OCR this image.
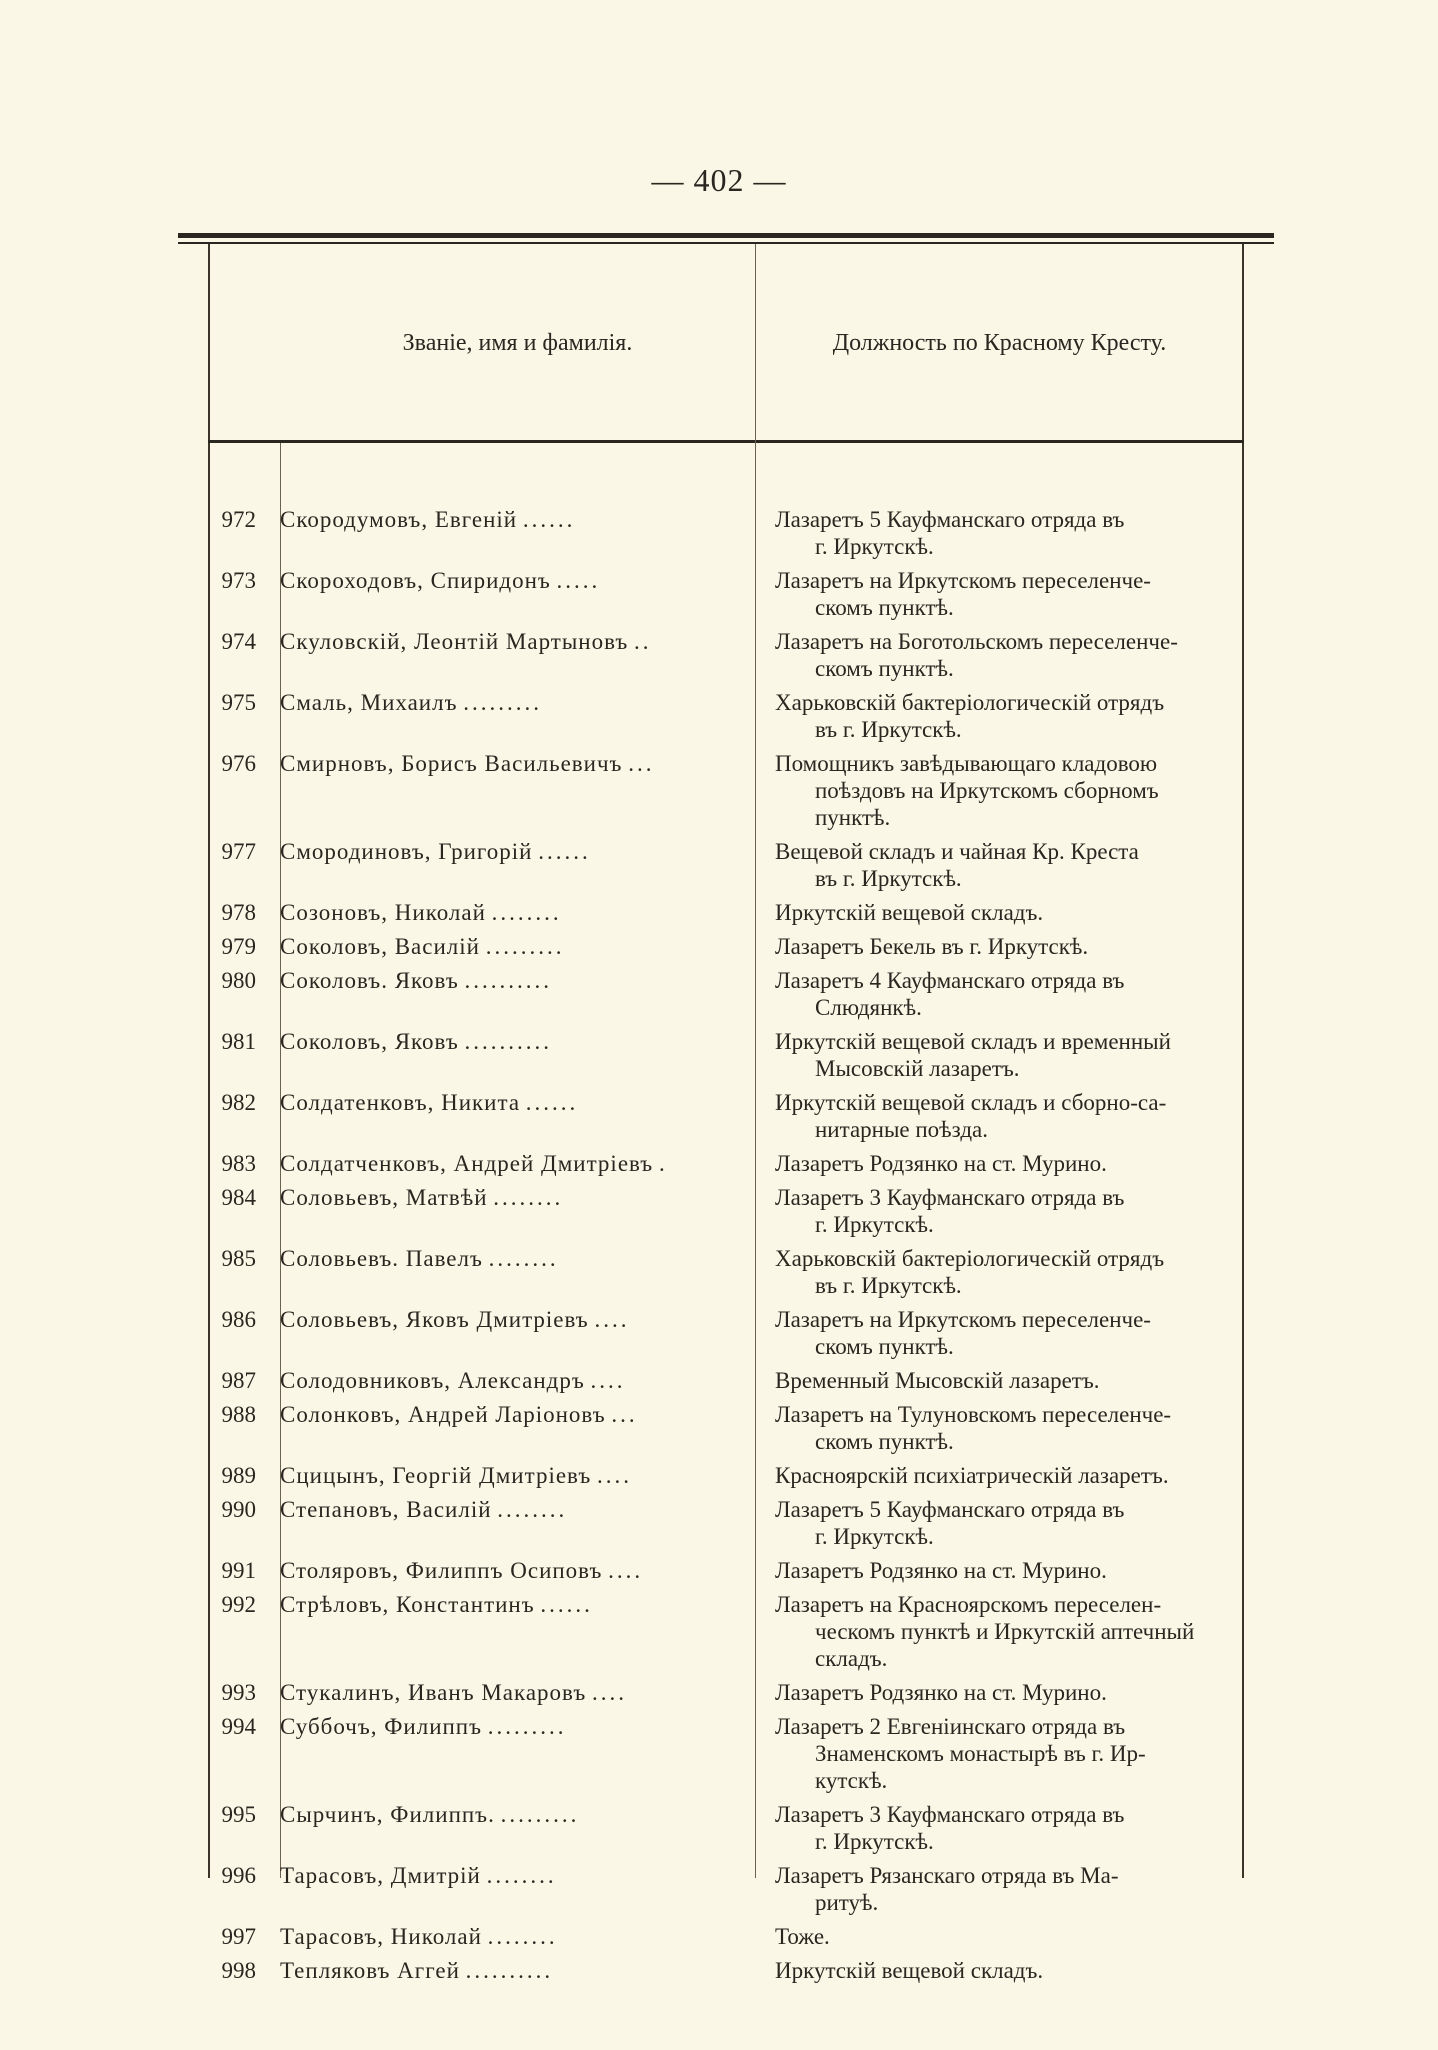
— 402 —
Званіе, имя и фамилія.	Должность по Красному Кресту.
972	Скородумовъ, Евгеній ......	Лазаретъ 5 Кауфманскаго отряда въ
г. Иркутскѣ.
973	Скороходовъ, Спиридонъ .....	Лазаретъ на Иркутскомъ переселенче-
скомъ пунктѣ.
974	Скуловскій, Леонтій Мартыновъ ..	Лазаретъ на Боготольскомъ переселенче-
скомъ пунктѣ.
975	Смаль, Михаилъ .........	Харьковскій бактеріологическій отрядъ
въ г. Иркутскѣ.
976	Смирновъ, Борисъ Васильевичъ ...	Помощникъ завѣдывающаго кладовою
поѣздовъ на Иркутскомъ сборномъ
пунктѣ.
977	Смородиновъ, Григорій ......	Вещевой складъ и чайная Кр. Креста
въ г. Иркутскѣ.
978	Созоновъ, Николай ........	Иркутскій вещевой складъ.
979	Соколовъ, Василій .........	Лазаретъ Бекель въ г. Иркутскѣ.
980	Соколовъ. Яковъ ..........	Лазаретъ 4 Кауфманскаго отряда въ
Слюдянкѣ.
981	Соколовъ, Яковъ ..........	Иркутскій вещевой складъ и временный
Мысовскій лазаретъ.
982	Солдатенковъ, Никита ......	Иркутскій вещевой складъ и сборно-са-
нитарные поѣзда.
983	Солдатченковъ, Андрей Дмитріевъ .	Лазаретъ Родзянко на ст. Мурино.
984	Соловьевъ, Матвѣй ........	Лазаретъ 3 Кауфманскаго отряда въ
г. Иркутскѣ.
985	Соловьевъ. Павелъ ........	Харьковскій бактеріологическій отрядъ
въ г. Иркутскѣ.
986	Соловьевъ, Яковъ Дмитріевъ ....	Лазаретъ на Иркутскомъ переселенче-
скомъ пунктѣ.
987	Солодовниковъ, Александръ ....	Временный Мысовскій лазаретъ.
988	Солонковъ, Андрей Ларіоновъ ...	Лазаретъ на Тулуновскомъ переселенче-
скомъ пунктѣ.
989	Сцицынъ, Георгій Дмитріевъ ....	Красноярскій психіатрическій лазаретъ.
990	Степановъ, Василій ........	Лазаретъ 5 Кауфманскаго отряда въ
г. Иркутскѣ.
991	Столяровъ, Филиппъ Осиповъ ....	Лазаретъ Родзянко на ст. Мурино.
992	Стрѣловъ, Константинъ ......	Лазаретъ на Красноярскомъ переселен-
ческомъ пунктѣ и Иркутскій аптечный
складъ.
993	Стукалинъ, Иванъ Макаровъ ....	Лазаретъ Родзянко на ст. Мурино.
994	Суббочъ, Филиппъ .........	Лазаретъ 2 Евгеніинскаго отряда въ
Знаменскомъ монастырѣ въ г. Ир-
кутскѣ.
995	Сырчинъ, Филиппъ. .........	Лазаретъ 3 Кауфманскаго отряда въ
г. Иркутскѣ.
996	Тарасовъ, Дмитрій ........	Лазаретъ Рязанскаго отряда въ Ма-
ритуѣ.
997	Тарасовъ, Николай ........	Тоже.
998	Тепляковъ Аггей ..........	Иркутскій вещевой складъ.
